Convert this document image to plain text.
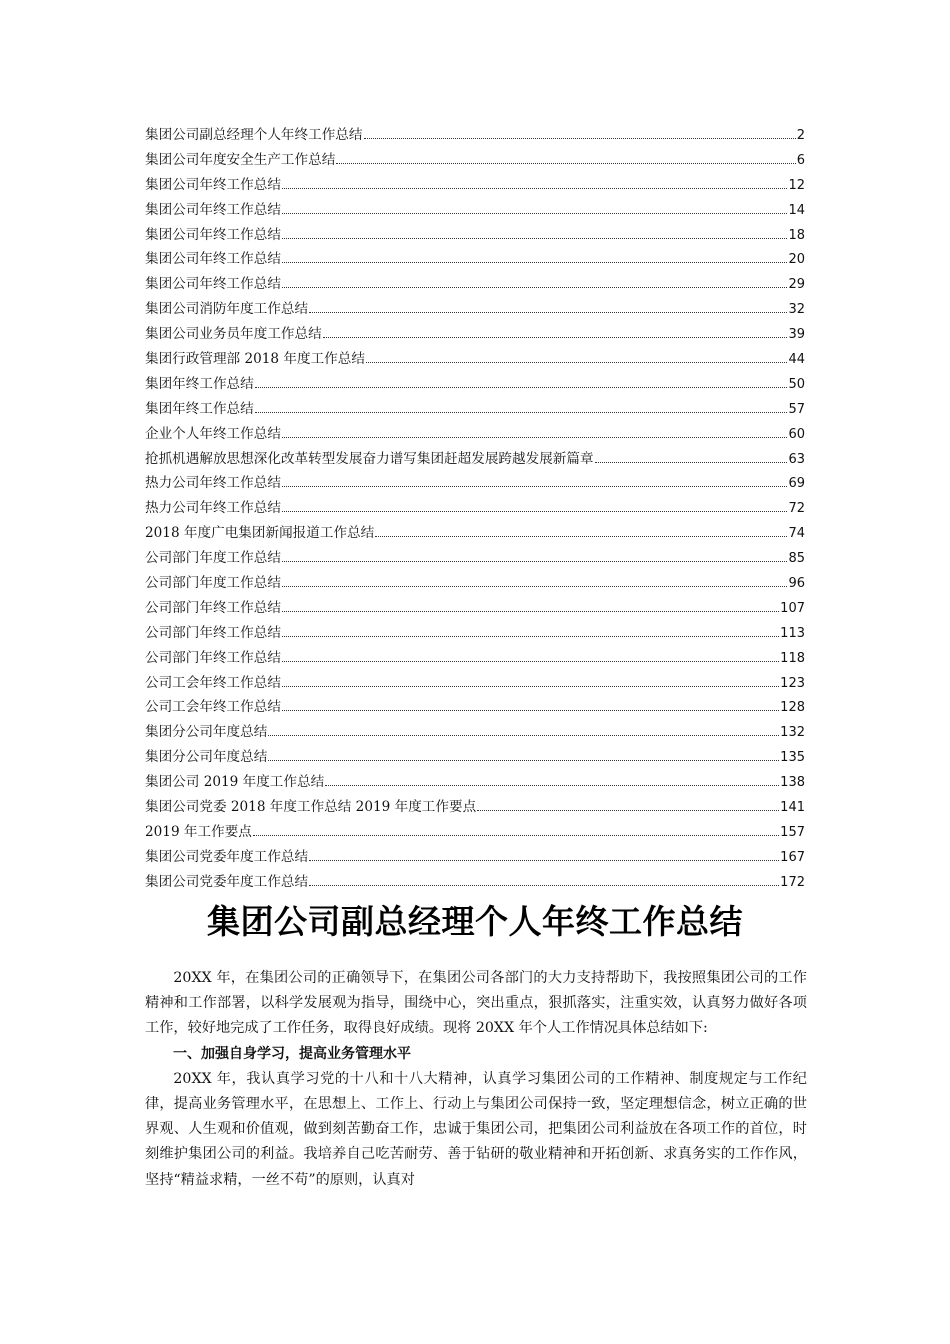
集团公司副总经理个人年终工作总结	2
集团公司年度安全生产工作总结	6
集团公司年终工作总结	12
集团公司年终工作总结	14
集团公司年终工作总结	18
集团公司年终工作总结	20
集团公司年终工作总结	29
集团公司消防年度工作总结	32
集团公司业务员年度工作总结	39
集团行政管理部 2018 年度工作总结	44
集团年终工作总结	50
集团年终工作总结	57
企业个人年终工作总结	60
抢抓机遇解放思想深化改革转型发展奋力谱写集团赶超发展跨越发展新篇章	63
热力公司年终工作总结	69
热力公司年终工作总结	72
2018 年度广电集团新闻报道工作总结	74
公司部门年度工作总结	85
公司部门年度工作总结	96
公司部门年终工作总结	107
公司部门年终工作总结	113
公司部门年终工作总结	118
公司工会年终工作总结	123
公司工会年终工作总结	128
集团分公司年度总结	132
集团分公司年度总结	135
集团公司 2019 年度工作总结	138
集团公司党委 2018 年度工作总结 2019 年度工作要点	141
2019 年工作要点	157
集团公司党委年度工作总结	167
集团公司党委年度工作总结	172
集团公司副总经理个人年终工作总结

20XX 年，在集团公司的正确领导下，在集团公司各部门的大力支持帮助下，我按照集团公司的工作精神和工作部署，以科学发展观为指导，围绕中心，突出重点，狠抓落实，注重实效，认真努力做好各项工作，较好地完成了工作任务，取得良好成绩。现将 20XX 年个人工作情况具体总结如下:

一、加强自身学习，提高业务管理水平

20XX 年，我认真学习党的十八和十八大精神，认真学习集团公司的工作精神、制度规定与工作纪律，提高业务管理水平，在思想上、工作上、行动上与集团公司保持一致，坚定理想信念，树立正确的世界观、人生观和价值观，做到刻苦勤奋工作，忠诚于集团公司，把集团公司利益放在各项工作的首位，时刻维护集团公司的利益。我培养自己吃苦耐劳、善于钻研的敬业精神和开拓创新、求真务实的工作作风，坚持“精益求精，一丝不苟”的原则，认真对
